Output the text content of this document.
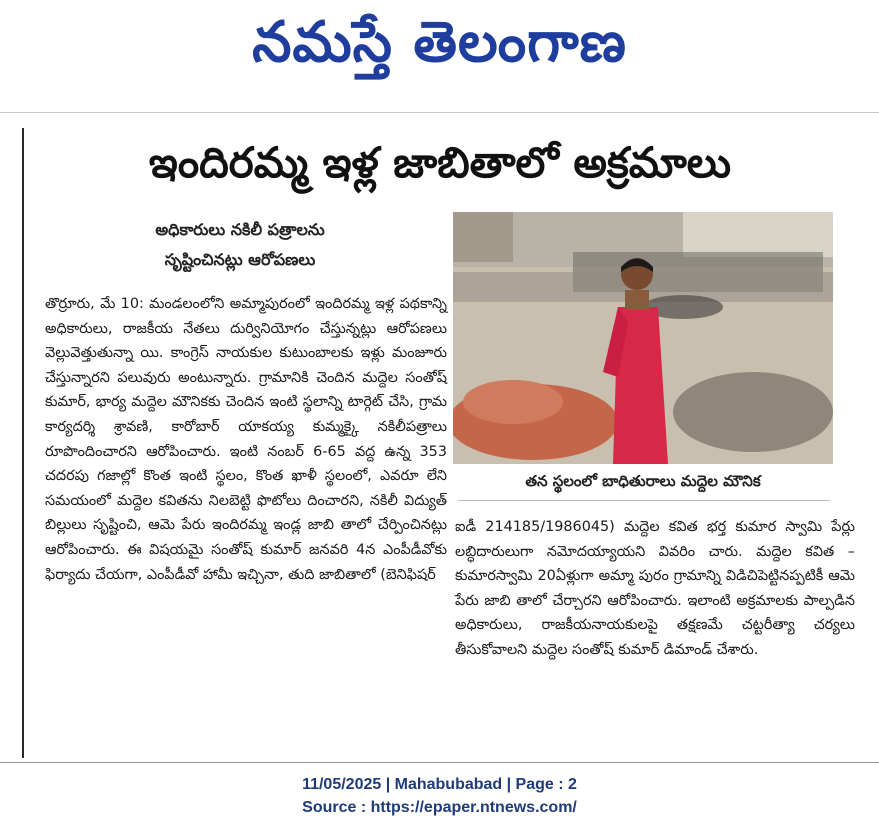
నమస్తే తెలంగాణ
ఇందిరమ్మ ఇళ్ల జాబితాలో అక్రమాలు
అధికారులు నకిలీ పత్రాలను
సృష్టించినట్లు ఆరోపణలు
తొర్రూరు, మే 10: మండలంలోని అమ్మాపురంలో ఇందిరమ్మ ఇళ్ల పథకాన్ని అధికారులు, రాజకీయ నేతలు దుర్వినియోగం చేస్తున్నట్లు ఆరోపణలు వెల్లువెత్తుతున్నా యి. కాంగ్రెస్ నాయకుల కుటుంబాలకు ఇళ్లు మంజూరు చేస్తున్నారని పలువురు అంటున్నారు. గ్రామానికి చెందిన మద్దెల సంతోష్ కుమార్, భార్య మద్దెల మౌనికకు చెందిన ఇంటి స్థలాన్ని టార్గెట్ చేసి, గ్రామ కార్యదర్శి శ్రావణి, కారోబార్ యాకయ్య కుమ్మక్కై నకిలీపత్రాలు రూపొందించారని ఆరోపించారు. ఇంటి నంబర్ 6-65 వద్ద ఉన్న 353 చదరపు గజాల్లో కొంత ఇంటి స్థలం, కొంత ఖాళీ స్థలంలో, ఎవరూ లేని సమయంలో మద్దెల కవితను నిలబెట్టి ఫొటోలు దించారని, నకిలీ విద్యుత్ బిల్లులు సృష్టించి, ఆమె పేరు ఇందిరమ్మ ఇండ్ల జాబి తాలో చేర్పించినట్లు ఆరోపించారు. ఈ విషయమై సంతోష్ కుమార్ జనవరి 4న ఎంపీడీవోకు ఫిర్యాదు చేయగా, ఎంపీడీవో హామీ ఇచ్చినా, తుది జాబితాలో (బెనిఫిషర్
తన స్థలంలో బాధితురాలు మద్దెల మౌనిక
ఐడీ 214185/1986045) మద్దెల కవిత భర్త కుమార స్వామి పేర్లు లబ్ధిదారులుగా నమోదయ్యాయని వివరిం చారు. మద్దెల కవిత – కుమారస్వామి 20ఏళ్లుగా అమ్మా పురం గ్రామాన్ని విడిచిపెట్టినప్పటికీ ఆమె పేరు జాబి తాలో చేర్చారని ఆరోపించారు. ఇలాంటి అక్రమాలకు పాల్పడిన అధికారులు, రాజకీయనాయకులపై తక్షణమే చట్టరీత్యా చర్యలు తీసుకోవాలని మద్దెల సంతోష్ కుమార్ డిమాండ్ చేశారు.
11/05/2025 | Mahabubabad | Page : 2
Source : https://epaper.ntnews.com/
